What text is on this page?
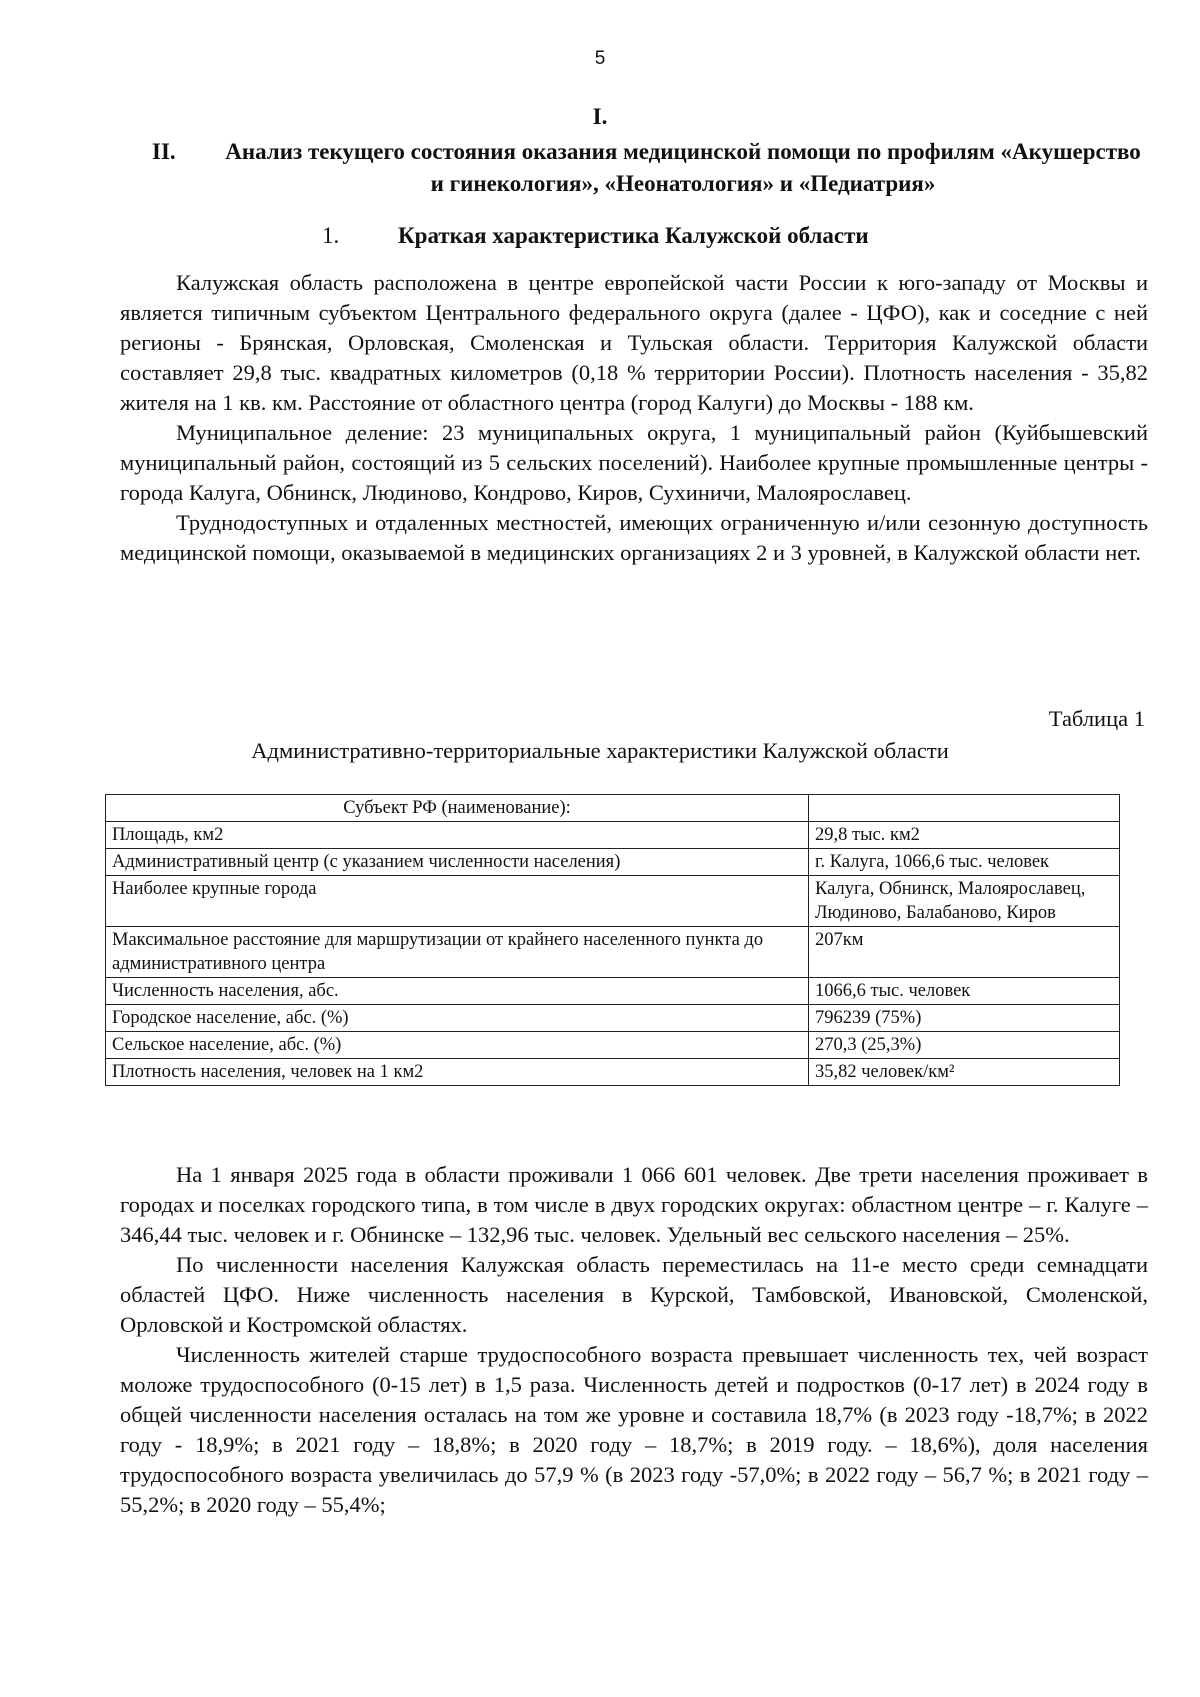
5
I.
II. Анализ текущего состояния оказания медицинской помощи по профилям «Акушерство и гинекология», «Неонатология» и «Педиатрия»
1.	Краткая характеристика Калужской области

Калужская область расположена в центре европейской части России к юго-западу от Москвы и является типичным субъектом Центрального федерального округа (далее - ЦФО), как и соседние с ней регионы - Брянская, Орловская, Смоленская и Тульская области. Территория Калужской области составляет 29,8 тыс. квадратных километров (0,18 % территории России). Плотность населения - 35,82 жителя на 1 кв. км. Расстояние от областного центра (город Калуги) до Москвы - 188 км.

Муниципальное деление: 23 муниципальных округа, 1 муниципальный район (Куйбышевский муниципальный район, состоящий из 5 сельских поселений). Наиболее крупные промышленные центры - города Калуга, Обнинск, Людиново, Кондрово, Киров, Сухиничи, Малоярославец.

Труднодоступных и отдаленных местностей, имеющих ограниченную и/или сезонную доступность медицинской помощи, оказываемой в медицинских организациях 2 и 3 уровней, в Калужской области нет.

Таблица 1
Административно-территориальные характеристики Калужской области
Субъект РФ (наименование):	
Площадь, км2	29,8 тыс. км2
Административный центр (с указанием численности населения)	г. Калуга, 1066,6 тыс. человек
Наиболее крупные города	Калуга, Обнинск, Малоярославец, Людиново, Балабаново, Киров
Максимальное расстояние для маршрутизации от крайнего населенного пункта до административного центра	207км
Численность населения, абс.	1066,6 тыс. человек
Городское население, абс. (%)	796239 (75%)
Сельское население, абс. (%)	270,3 (25,3%)
Плотность населения, человек на 1 км2	35,82 человек/км²

На 1 января 2025 года в области проживали 1 066 601 человек. Две трети населения проживает в городах и поселках городского типа, в том числе в двух городских округах: областном центре – г. Калуге – 346,44 тыс. человек и г. Обнинске – 132,96 тыс. человек. Удельный вес сельского населения – 25%.

По численности населения Калужская область переместилась на 11-е место среди семнадцати областей ЦФО. Ниже численность населения в Курской, Тамбовской, Ивановской, Смоленской, Орловской и Костромской областях.

Численность жителей старше трудоспособного возраста превышает численность тех, чей возраст моложе трудоспособного (0-15 лет) в 1,5 раза. Численность детей и подростков (0-17 лет) в 2024 году в общей численности населения осталась на том же уровне и составила 18,7% (в 2023 году -18,7%; в 2022 году - 18,9%; в 2021 году – 18,8%; в 2020 году – 18,7%; в 2019 году. – 18,6%), доля населения трудоспособного возраста увеличилась до 57,9 % (в 2023 году -57,0%; в 2022 году – 56,7 %; в 2021 году – 55,2%; в 2020 году – 55,4%;
